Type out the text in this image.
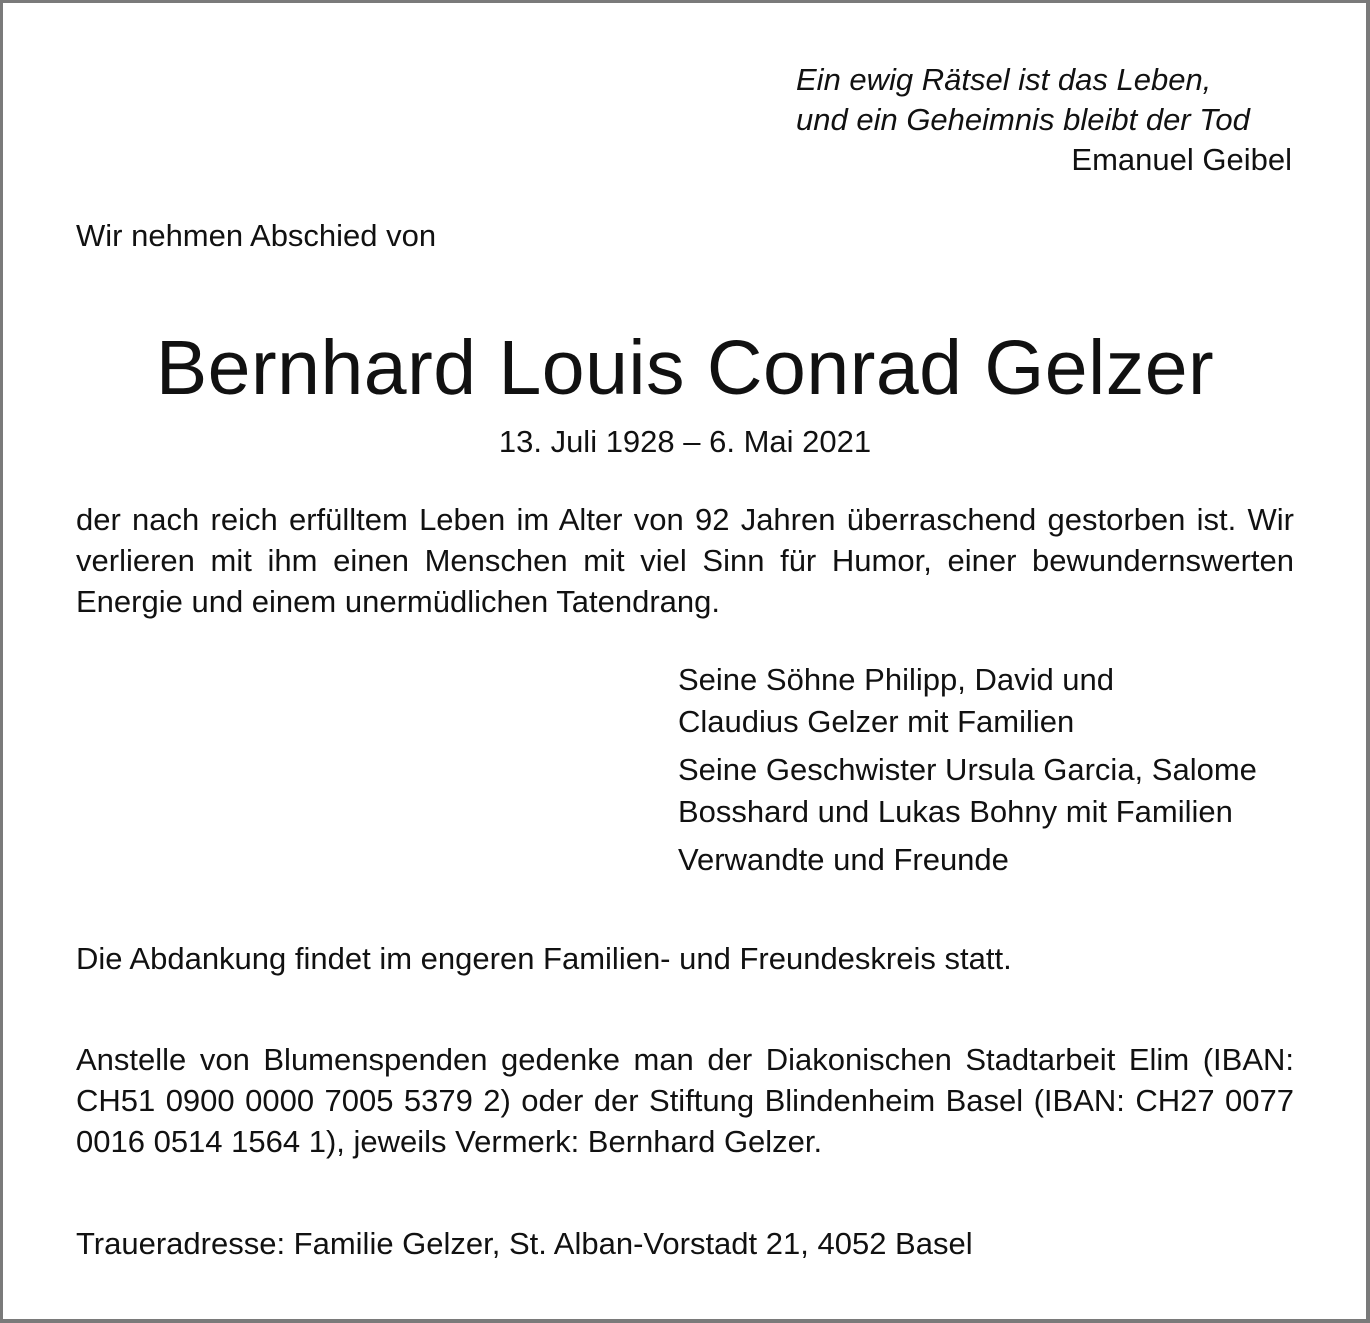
Ein ewig Rätsel ist das Leben,
und ein Geheimnis bleibt der Tod
Emanuel Geibel
Wir nehmen Abschied von
Bernhard Louis Conrad Gelzer
13. Juli 1928 – 6. Mai 2021
der nach reich erfülltem Leben im Alter von 92 Jahren überraschend gestorben ist. Wir verlieren mit ihm einen Menschen mit viel Sinn für Humor, einer bewundernswerten Energie und einem unermüdlichen Tatendrang.
Seine Söhne Philipp, David und
Claudius Gelzer mit Familien
Seine Geschwister Ursula Garcia, Salome
Bosshard und Lukas Bohny mit Familien
Verwandte und Freunde
Die Abdankung findet im engeren Familien- und Freundeskreis statt.
Anstelle von Blumenspenden gedenke man der Diakonischen Stadtarbeit Elim (IBAN: CH51 0900 0000 7005 5379 2) oder der Stiftung Blindenheim Basel (IBAN: CH27 0077 0016 0514 1564 1), jeweils Vermerk: Bernhard Gelzer.
Traueradresse: Familie Gelzer, St. Alban-Vorstadt 21, 4052 Basel
